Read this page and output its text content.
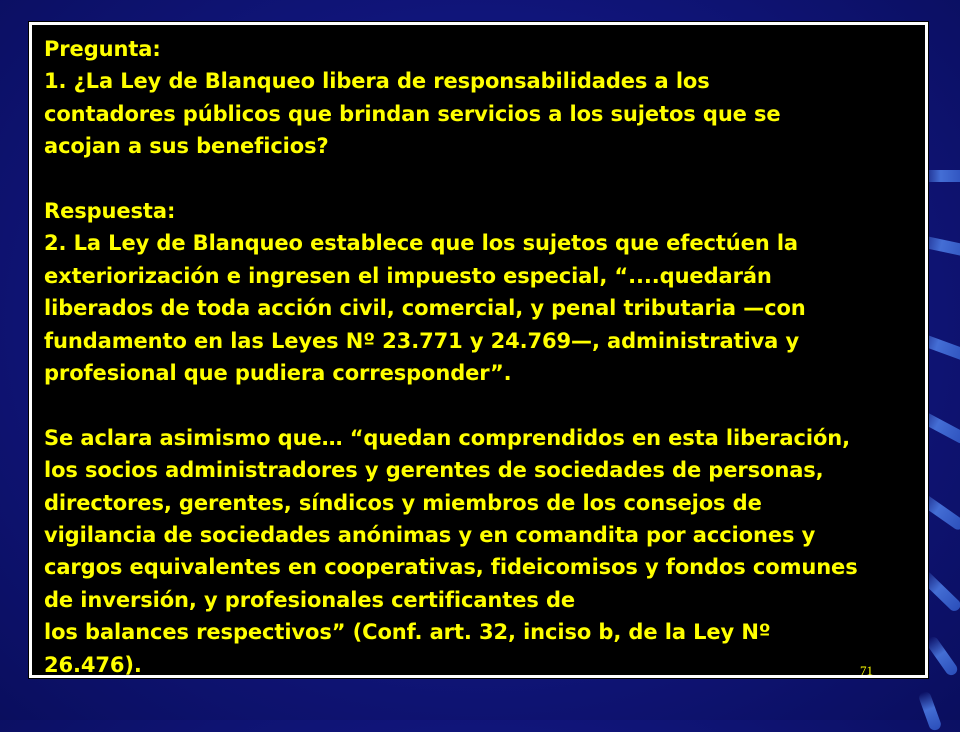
Pregunta:
1. ¿La Ley de Blanqueo libera de responsabilidades a los
contadores públicos que brindan servicios a los sujetos que se
acojan a sus beneficios?
Respuesta:
2. La Ley de Blanqueo establece que los sujetos que efectúen la
exteriorización e ingresen el impuesto especial, “....quedarán
liberados de toda acción civil, comercial, y penal tributaria —con
fundamento en las Leyes Nº 23.771 y 24.769—, administrativa y
profesional que pudiera corresponder”.
Se aclara asimismo que… “quedan comprendidos en esta liberación,
los socios administradores y gerentes de sociedades de personas,
directores, gerentes, síndicos y miembros de los consejos de
vigilancia de sociedades anónimas y en comandita por acciones y
cargos equivalentes en cooperativas, fideicomisos y fondos comunes
de inversión, y profesionales certificantes de
los balances respectivos” (Conf. art. 32, inciso b, de la Ley Nº
26.476).	71
